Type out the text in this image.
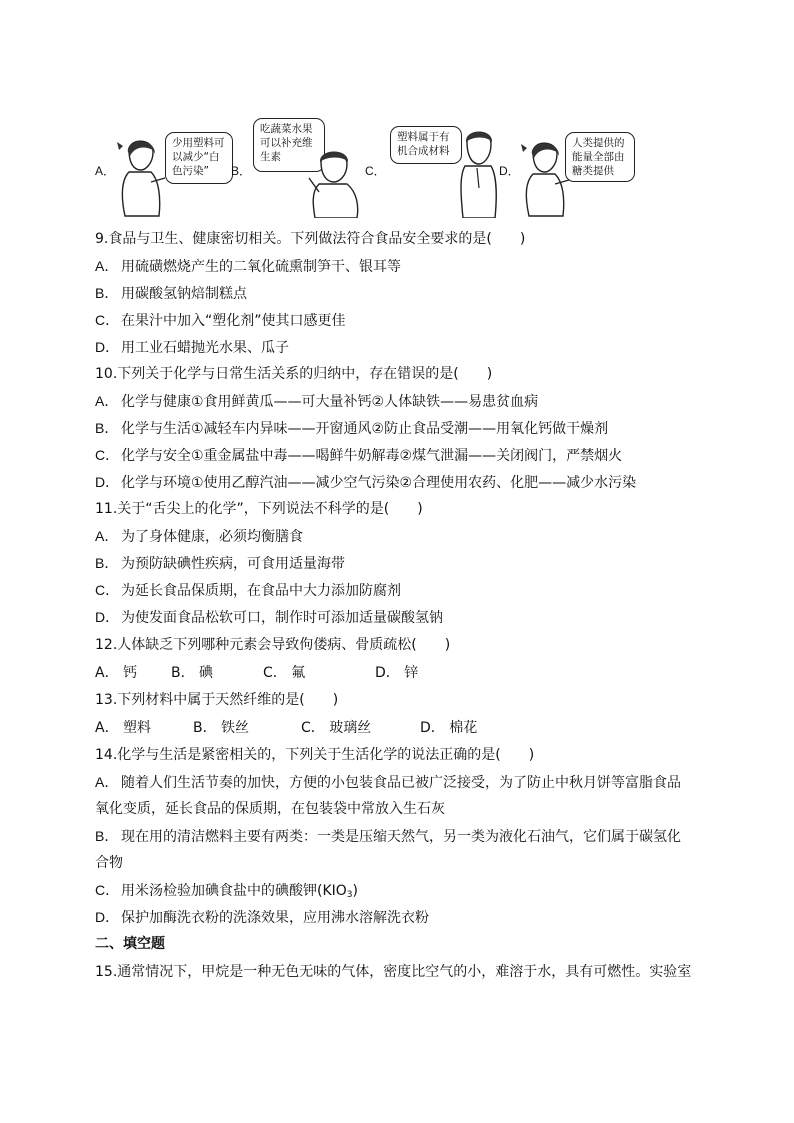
A．
少用塑料可
以减少“白
色污染”	B．
吃蔬菜水果
可以补充维
生素
C．
塑料属于有
机合成材料
D．
人类提供的
能量全部由
糖类提供
9.食品与卫生、健康密切相关。下列做法符合食品安全要求的是(　　)
A． 用硫磺燃烧产生的二氧化硫熏制笋干、银耳等
B． 用碳酸氢钠焙制糕点
C． 在果汁中加入“塑化剂”使其口感更佳
D． 用工业石蜡抛光水果、瓜子
10.下列关于化学与日常生活关系的归纳中，存在错误的是(　　)
A． 化学与健康①食用鲜黄瓜——可大量补钙②人体缺铁——易患贫血病
B． 化学与生活①减轻车内异味——开窗通风②防止食品受潮——用氧化钙做干燥剂
C． 化学与安全①重金属盐中毒——喝鲜牛奶解毒②煤气泄漏——关闭阀门，严禁烟火
D． 化学与环境①使用乙醇汽油——减少空气污染②合理使用农药、化肥——减少水污染
11.关于“舌尖上的化学”，下列说法不科学的是(　　)
A． 为了身体健康，必须均衡膳食
B． 为预防缺碘性疾病，可食用适量海带
C． 为延长食品保质期，在食品中大力添加防腐剂
D． 为使发面食品松软可口，制作时可添加适量碳酸氢钠
12.人体缺乏下列哪种元素会导致佝偻病、骨质疏松(　　)
A． 钙 B． 碘	C． 氟	D． 锌
13.下列材料中属于天然纤维的是(　　)
A． 塑料	B． 铁丝	C． 玻璃丝	D． 棉花
14.化学与生活是紧密相关的，下列关于生活化学的说法正确的是(　　)
A． 随着人们生活节奏的加快，方便的小包装食品已被广泛接受，为了防止中秋月饼等富脂食品
氧化变质，延长食品的保质期，在包装袋中常放入生石灰
B． 现在用的清洁燃料主要有两类：一类是压缩天然气，另一类为液化石油气，它们属于碳氢化
合物
C． 用米汤检验加碘食盐中的碘酸钾$(KIO_3)$
D． 保护加酶洗衣粉的洗涤效果，应用沸水溶解洗衣粉
二、填空题
15.通常情况下，甲烷是一种无色无味的气体，密度比空气的小，难溶于水，具有可燃性。实验室
